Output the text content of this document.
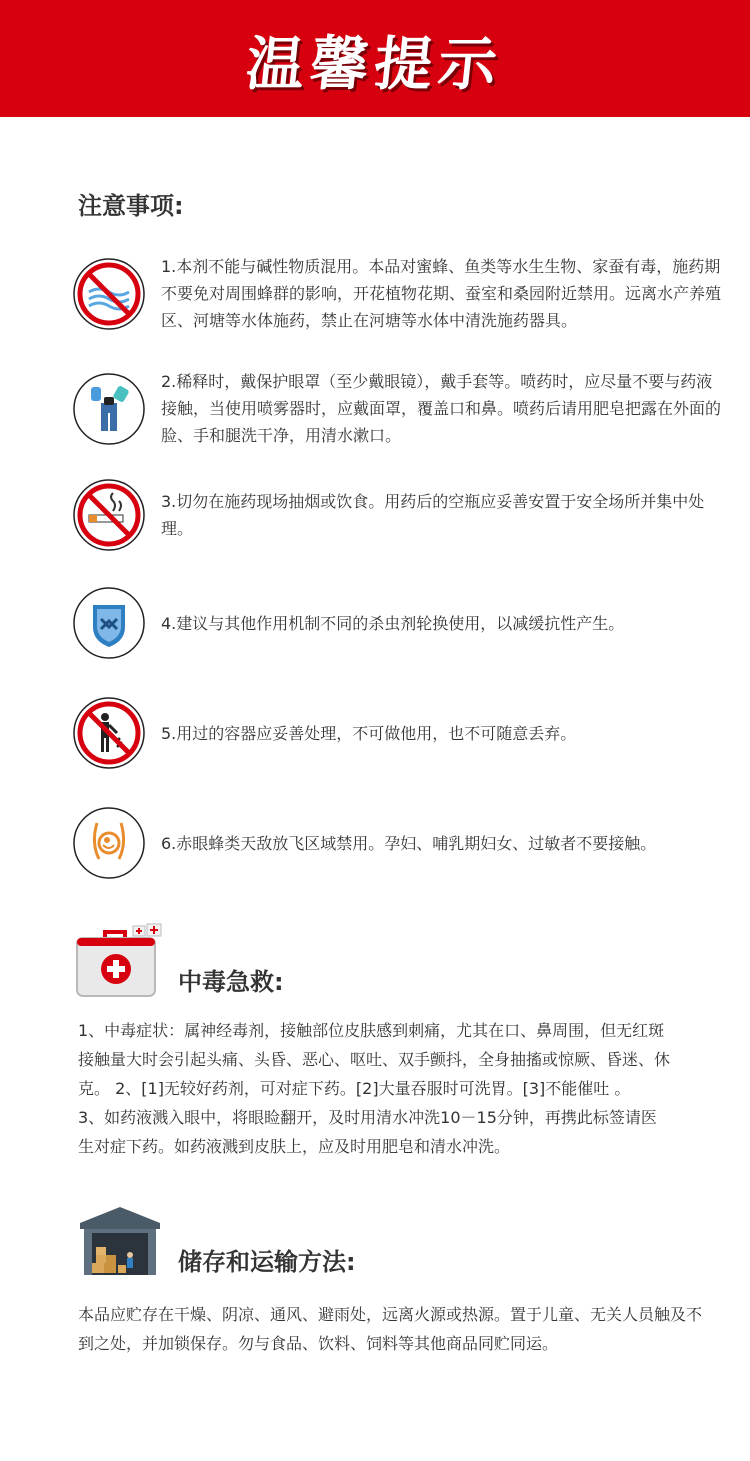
温馨提示
注意事项:
1.本剂不能与碱性物质混用。本品对蜜蜂、鱼类等水生生物、家蚕有毒，施药期不要免对周围蜂群的影响，开花植物花期、蚕室和桑园附近禁用。远离水产养殖区、河塘等水体施药，禁止在河塘等水体中清洗施药器具。
2.稀释时，戴保护眼罩（至少戴眼镜），戴手套等。喷药时，应尽量不要与药液接触，当使用喷雾器时，应戴面罩，覆盖口和鼻。喷药后请用肥皂把露在外面的脸、手和腿洗干净，用清水漱口。
3.切勿在施药现场抽烟或饮食。用药后的空瓶应妥善安置于安全场所并集中处理。
4.建议与其他作用机制不同的杀虫剂轮换使用，以减缓抗性产生。
5.用过的容器应妥善处理，不可做他用，也不可随意丢弃。
6.赤眼蜂类天敌放飞区域禁用。孕妇、哺乳期妇女、过敏者不要接触。
中毒急救:
1、中毒症状：属神经毒剂，接触部位皮肤感到刺痛，尤其在口、鼻周围，但无红斑
接触量大时会引起头痛、头昏、恶心、呕吐、双手颤抖，全身抽搐或惊厥、昏迷、休
克。 2、[1]无较好药剂，可对症下药。[2]大量吞服时可洗胃。[3]不能催吐 。
3、如药液溅入眼中，将眼睑翻开，及时用清水冲洗10－15分钟，再携此标签请医
生对症下药。如药液溅到皮肤上，应及时用肥皂和清水冲洗。
储存和运输方法:
本品应贮存在干燥、阴凉、通风、避雨处，远离火源或热源。置于儿童、无关人员触及不到之处，并加锁保存。勿与食品、饮料、饲料等其他商品同贮同运。
